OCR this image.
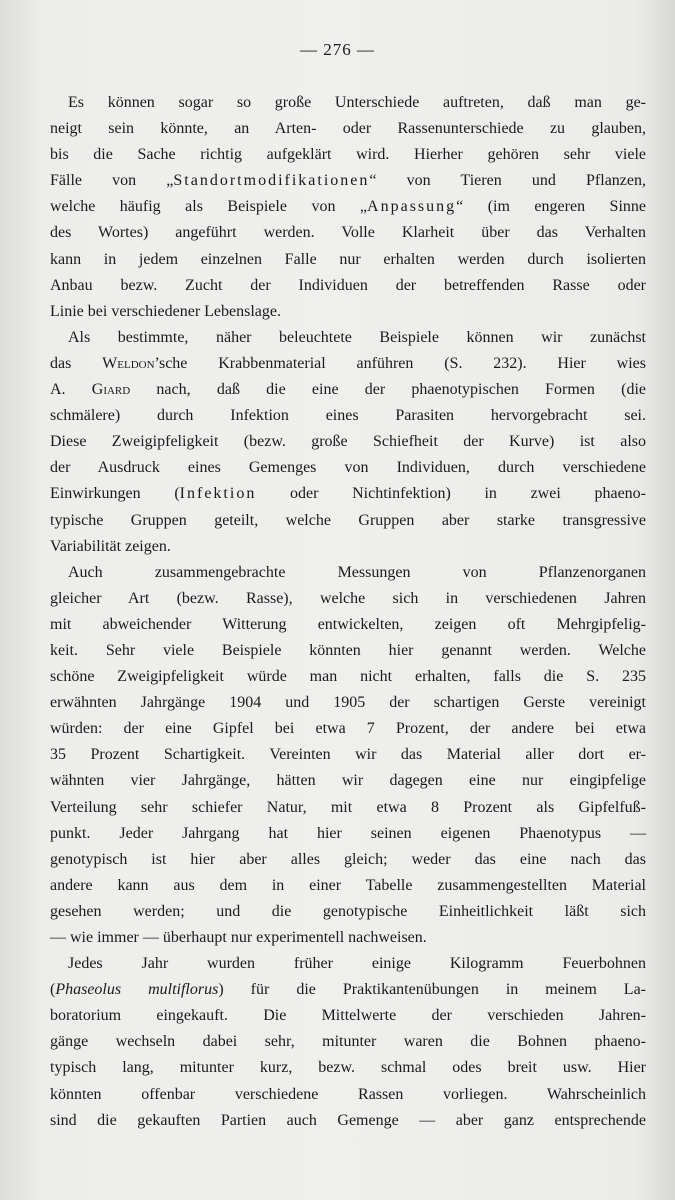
— 276 —
Es können sogar so große Unterschiede auftreten, daß man ge-
neigt sein könnte, an Arten- oder Rassenunterschiede zu glauben,
bis die Sache richtig aufgeklärt wird. Hierher gehören sehr viele
Fälle von „Standortmodifikationen“ von Tieren und Pflanzen,
welche häufig als Beispiele von „Anpassung“ (im engeren Sinne
des Wortes) angeführt werden. Volle Klarheit über das Verhalten
kann in jedem einzelnen Falle nur erhalten werden durch isolierten
Anbau bezw. Zucht der Individuen der betreffenden Rasse oder
Linie bei verschiedener Lebenslage.
Als bestimmte, näher beleuchtete Beispiele können wir zunächst
das Weldon’sche Krabbenmaterial anführen (S. 232). Hier wies
A. Giard nach, daß die eine der phaenotypischen Formen (die
schmälere) durch Infektion eines Parasiten hervorgebracht sei.
Diese Zweigipfeligkeit (bezw. große Schiefheit der Kurve) ist also
der Ausdruck eines Gemenges von Individuen, durch verschiedene
Einwirkungen (Infektion oder Nichtinfektion) in zwei phaeno-
typische Gruppen geteilt, welche Gruppen aber starke transgressive
Variabilität zeigen.
Auch zusammengebrachte Messungen von Pflanzenorganen
gleicher Art (bezw. Rasse), welche sich in verschiedenen Jahren
mit abweichender Witterung entwickelten, zeigen oft Mehrgipfelig-
keit. Sehr viele Beispiele könnten hier genannt werden. Welche
schöne Zweigipfeligkeit würde man nicht erhalten, falls die S. 235
erwähnten Jahrgänge 1904 und 1905 der schartigen Gerste vereinigt
würden: der eine Gipfel bei etwa 7 Prozent, der andere bei etwa
35 Prozent Schartigkeit. Vereinten wir das Material aller dort er-
wähnten vier Jahrgänge, hätten wir dagegen eine nur eingipfelige
Verteilung sehr schiefer Natur, mit etwa 8 Prozent als Gipfelfuß-
punkt. Jeder Jahrgang hat hier seinen eigenen Phaenotypus —
genotypisch ist hier aber alles gleich; weder das eine nach das
andere kann aus dem in einer Tabelle zusammengestellten Material
gesehen werden; und die genotypische Einheitlichkeit läßt sich
— wie immer — überhaupt nur experimentell nachweisen.
Jedes Jahr wurden früher einige Kilogramm Feuerbohnen
(Phaseolus multiflorus) für die Praktikantenübungen in meinem La-
boratorium eingekauft. Die Mittelwerte der verschieden Jahren-
gänge wechseln dabei sehr, mitunter waren die Bohnen phaeno-
typisch lang, mitunter kurz, bezw. schmal odes breit usw. Hier
könnten offenbar verschiedene Rassen vorliegen. Wahrscheinlich
sind die gekauften Partien auch Gemenge — aber ganz entsprechende
